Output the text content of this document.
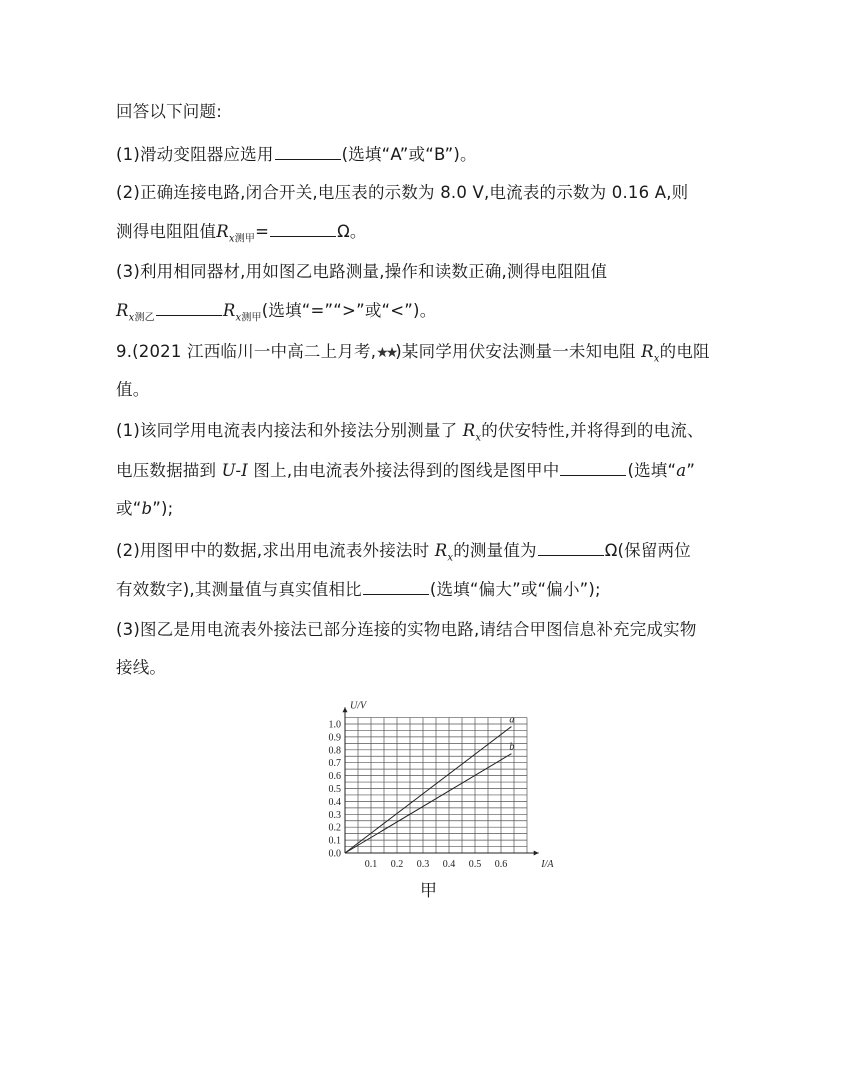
回答以下问题:
(1)滑动变阻器应选用	(选填“A”或“B”)。
(2)正确连接电路,闭合开关,电压表的示数为 8.0 V,电流表的示数为 0.16 A,则
测得电阻阻值$R_{x测甲}=$	Ω。
(3)利用相同器材,用如图乙电路测量,操作和读数正确,测得电阻阻值
$R_{x测乙}$	$R_{x测甲}$(选填“=”“>”或“<”)。
9.(2021 江西临川一中高二上月考,★★)某同学用伏安法测量一未知电阻 $R_x$的电阻
值。
(1)该同学用电流表内接法和外接法分别测量了 $R_x$的伏安特性,并将得到的电流、
电压数据描到 U-I 图上,由电流表外接法得到的图线是图甲中	(选填“a”
或“b”);
(2)用图甲中的数据,求出用电流表外接法时 $R_x$的测量值为	Ω(保留两位
有效数字),其测量值与真实值相比	(选填“偏大”或“偏小”);
(3)图乙是用电流表外接法已部分连接的实物电路,请结合甲图信息补充完成实物
接线。
0.1
0.2
0.3
0.4
0.5
0.6
0.7
0.8
0.9
1.0
0.1 0.2 0.3 0.4 0.5 0.6
0.0
U/V
I/A
a
b
甲
